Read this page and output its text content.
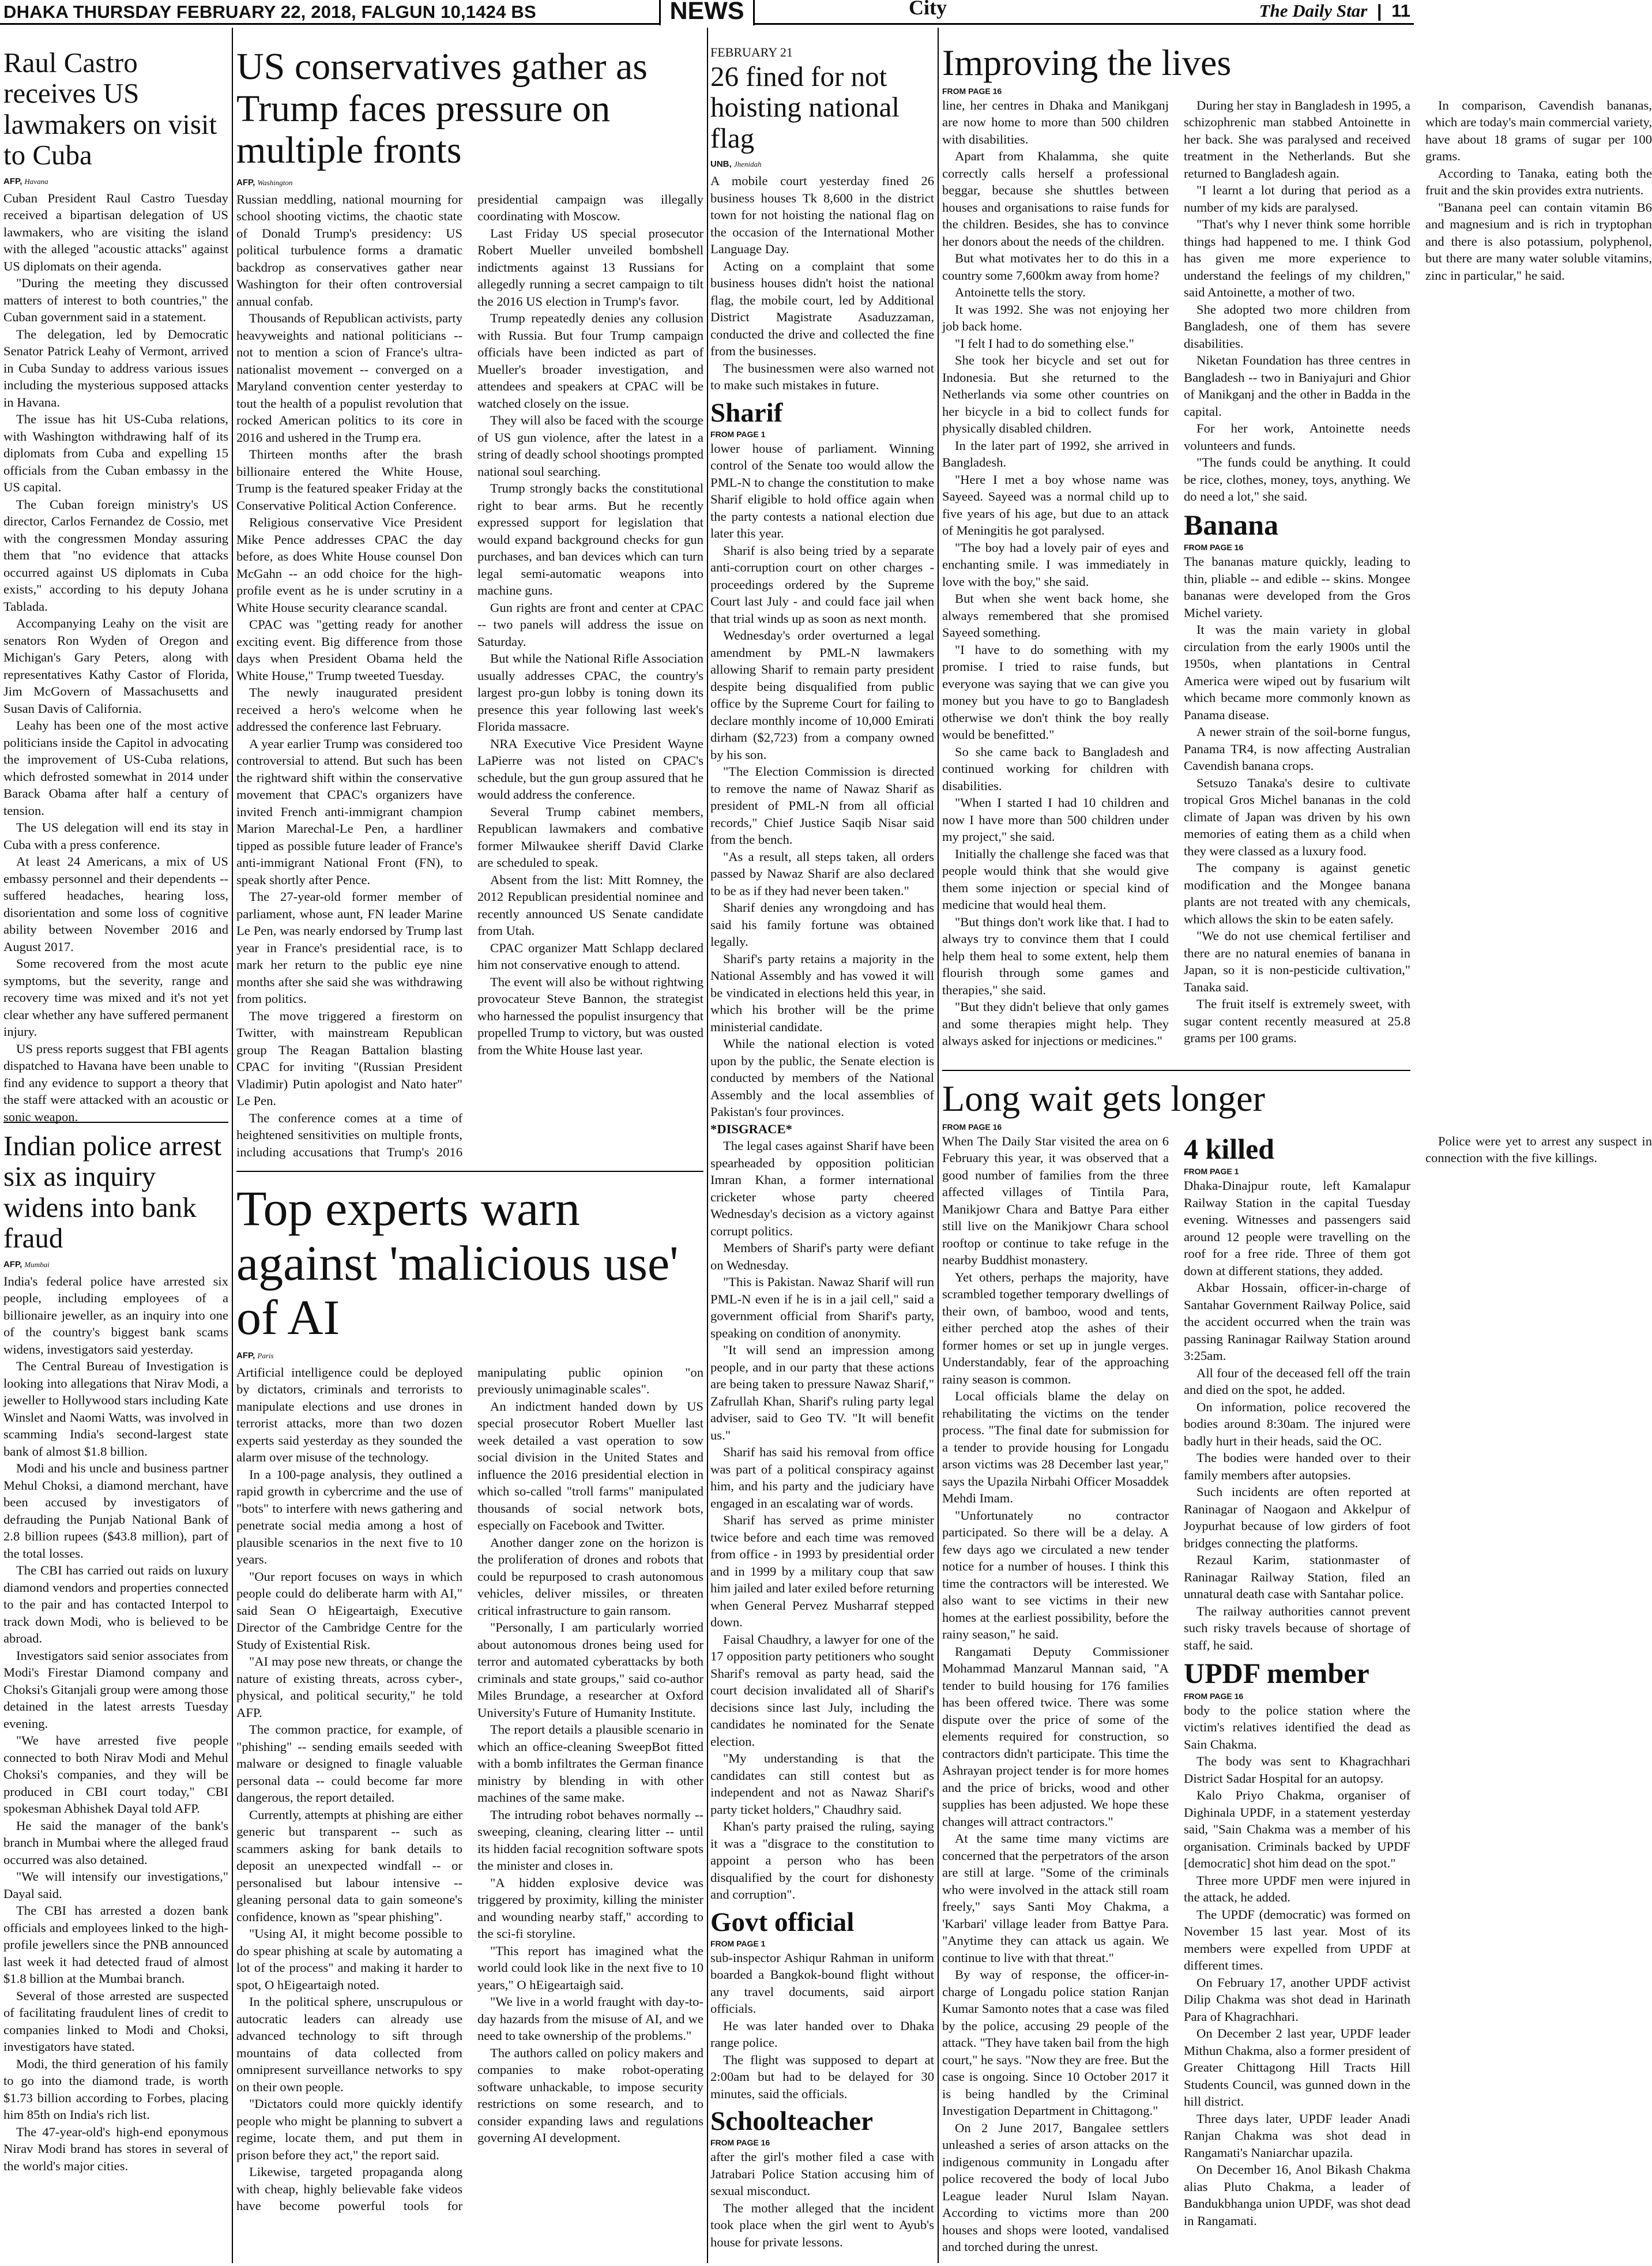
DHAKA THURSDAY FEBRUARY 22, 2018, FALGUN 10,1424 BS	NEWS	City	The Daily Star | 11
Raul Castro receives US lawmakers on visit to Cuba
AFP, Havana

Cuban President Raul Castro Tuesday received a bipartisan delegation of US lawmakers, who are visiting the island with the alleged "acoustic attacks" against US diplomats on their agenda.

"During the meeting they discussed matters of interest to both countries," the Cuban government said in a statement.

The delegation, led by Democratic Senator Patrick Leahy of Vermont, arrived in Cuba Sunday to address various issues including the mysterious supposed attacks in Havana.

The issue has hit US-Cuba relations, with Washington withdrawing half of its diplomats from Cuba and expelling 15 officials from the Cuban embassy in the US capital.

The Cuban foreign ministry's US director, Carlos Fernandez de Cossio, met with the congressmen Monday assuring them that "no evidence that attacks occurred against US diplomats in Cuba exists," according to his deputy Johana Tablada.

Accompanying Leahy on the visit are senators Ron Wyden of Oregon and Michigan's Gary Peters, along with representatives Kathy Castor of Florida, Jim McGovern of Massachusetts and Susan Davis of California.

Leahy has been one of the most active politicians inside the Capitol in advocating the improvement of US-Cuba relations, which defrosted somewhat in 2014 under Barack Obama after half a century of tension.

The US delegation will end its stay in Cuba with a press conference.

At least 24 Americans, a mix of US embassy personnel and their dependents -- suffered headaches, hearing loss, disorientation and some loss of cognitive ability between November 2016 and August 2017.

Some recovered from the most acute symptoms, but the severity, range and recovery time was mixed and it's not yet clear whether any have suffered permanent injury.

US press reports suggest that FBI agents dispatched to Havana have been unable to find any evidence to support a theory that the staff were attacked with an acoustic or sonic weapon.

Indian police arrest six as inquiry widens into bank fraud
AFP, Mumbai

India's federal police have arrested six people, including employees of a billionaire jeweller, as an inquiry into one of the country's biggest bank scams widens, investigators said yesterday.

The Central Bureau of Investigation is looking into allegations that Nirav Modi, a jeweller to Hollywood stars including Kate Winslet and Naomi Watts, was involved in scamming India's second-largest state bank of almost $1.8 billion.

Modi and his uncle and business partner Mehul Choksi, a diamond merchant, have been accused by investigators of defrauding the Punjab National Bank of 2.8 billion rupees ($43.8 million), part of the total losses.

The CBI has carried out raids on luxury diamond vendors and properties connected to the pair and has contacted Interpol to track down Modi, who is believed to be abroad.

Investigators said senior associates from Modi's Firestar Diamond company and Choksi's Gitanjali group were among those detained in the latest arrests Tuesday evening.

"We have arrested five people connected to both Nirav Modi and Mehul Choksi's companies, and they will be produced in CBI court today," CBI spokesman Abhishek Dayal told AFP.

He said the manager of the bank's branch in Mumbai where the alleged fraud occurred was also detained.

"We will intensify our investigations," Dayal said.

The CBI has arrested a dozen bank officials and employees linked to the high-profile jewellers since the PNB announced last week it had detected fraud of almost $1.8 billion at the Mumbai branch.

Several of those arrested are suspected of facilitating fraudulent lines of credit to companies linked to Modi and Choksi, investigators have stated.

Modi, the third generation of his family to go into the diamond trade, is worth $1.73 billion according to Forbes, placing him 85th on India's rich list.

The 47-year-old's high-end eponymous Nirav Modi brand has stores in several of the world's major cities.

US conservatives gather as Trump faces pressure on multiple fronts
AFP, Washington

Russian meddling, national mourning for school shooting victims, the chaotic state of Donald Trump's presidency: US political turbulence forms a dramatic backdrop as conservatives gather near Washington for their often controversial annual confab.

Thousands of Republican activists, party heavyweights and national politicians -- not to mention a scion of France's ultra-nationalist movement -- converged on a Maryland convention center yesterday to tout the health of a populist revolution that rocked American politics to its core in 2016 and ushered in the Trump era.

Thirteen months after the brash billionaire entered the White House, Trump is the featured speaker Friday at the Conservative Political Action Conference.

Religious conservative Vice President Mike Pence addresses CPAC the day before, as does White House counsel Don McGahn -- an odd choice for the high-profile event as he is under scrutiny in a White House security clearance scandal.

CPAC was "getting ready for another exciting event. Big difference from those days when President Obama held the White House," Trump tweeted Tuesday.

The newly inaugurated president received a hero's welcome when he addressed the conference last February.

A year earlier Trump was considered too controversial to attend. But such has been the rightward shift within the conservative movement that CPAC's organizers have invited French anti-immigrant champion Marion Marechal-Le Pen, a hardliner tipped as possible future leader of France's anti-immigrant National Front (FN), to speak shortly after Pence.

The 27-year-old former member of parliament, whose aunt, FN leader Marine Le Pen, was nearly endorsed by Trump last year in France's presidential race, is to mark her return to the public eye nine months after she said she was withdrawing from politics.

The move triggered a firestorm on Twitter, with mainstream Republican group The Reagan Battalion blasting CPAC for inviting "(Russian President Vladimir) Putin apologist and Nato hater" Le Pen.

The conference comes at a time of heightened sensitivities on multiple fronts, including accusations that Trump's 2016 presidential campaign was illegally coordinating with Moscow.

Last Friday US special prosecutor Robert Mueller unveiled bombshell indictments against 13 Russians for allegedly running a secret campaign to tilt the 2016 US election in Trump's favor.

Trump repeatedly denies any collusion with Russia. But four Trump campaign officials have been indicted as part of Mueller's broader investigation, and attendees and speakers at CPAC will be watched closely on the issue.

They will also be faced with the scourge of US gun violence, after the latest in a string of deadly school shootings prompted national soul searching.

Trump strongly backs the constitutional right to bear arms. But he recently expressed support for legislation that would expand background checks for gun purchases, and ban devices which can turn legal semi-automatic weapons into machine guns.

Gun rights are front and center at CPAC -- two panels will address the issue on Saturday.

But while the National Rifle Association usually addresses CPAC, the country's largest pro-gun lobby is toning down its presence this year following last week's Florida massacre.

NRA Executive Vice President Wayne LaPierre was not listed on CPAC's schedule, but the gun group assured that he would address the conference.

Several Trump cabinet members, Republican lawmakers and combative former Milwaukee sheriff David Clarke are scheduled to speak.

Absent from the list: Mitt Romney, the 2012 Republican presidential nominee and recently announced US Senate candidate from Utah.

CPAC organizer Matt Schlapp declared him not conservative enough to attend.

The event will also be without rightwing provocateur Steve Bannon, the strategist who harnessed the populist insurgency that propelled Trump to victory, but was ousted from the White House last year.

Top experts warn against 'malicious use' of AI
AFP, Paris

Artificial intelligence could be deployed by dictators, criminals and terrorists to manipulate elections and use drones in terrorist attacks, more than two dozen experts said yesterday as they sounded the alarm over misuse of the technology.

In a 100-page analysis, they outlined a rapid growth in cybercrime and the use of "bots" to interfere with news gathering and penetrate social media among a host of plausible scenarios in the next five to 10 years.

"Our report focuses on ways in which people could do deliberate harm with AI," said Sean O hEigeartaigh, Executive Director of the Cambridge Centre for the Study of Existential Risk.

"AI may pose new threats, or change the nature of existing threats, across cyber-, physical, and political security," he told AFP.

The common practice, for example, of "phishing" -- sending emails seeded with malware or designed to finagle valuable personal data -- could become far more dangerous, the report detailed.

Currently, attempts at phishing are either generic but transparent -- such as scammers asking for bank details to deposit an unexpected windfall -- or personalised but labour intensive -- gleaning personal data to gain someone's confidence, known as "spear phishing".

"Using AI, it might become possible to do spear phishing at scale by automating a lot of the process" and making it harder to spot, O hEigeartaigh noted.

In the political sphere, unscrupulous or autocratic leaders can already use advanced technology to sift through mountains of data collected from omnipresent surveillance networks to spy on their own people.

"Dictators could more quickly identify people who might be planning to subvert a regime, locate them, and put them in prison before they act," the report said.

Likewise, targeted propaganda along with cheap, highly believable fake videos have become powerful tools for manipulating public opinion "on previously unimaginable scales".

An indictment handed down by US special prosecutor Robert Mueller last week detailed a vast operation to sow social division in the United States and influence the 2016 presidential election in which so-called "troll farms" manipulated thousands of social network bots, especially on Facebook and Twitter.

Another danger zone on the horizon is the proliferation of drones and robots that could be repurposed to crash autonomous vehicles, deliver missiles, or threaten critical infrastructure to gain ransom.

"Personally, I am particularly worried about autonomous drones being used for terror and automated cyberattacks by both criminals and state groups," said co-author Miles Brundage, a researcher at Oxford University's Future of Humanity Institute.

The report details a plausible scenario in which an office-cleaning SweepBot fitted with a bomb infiltrates the German finance ministry by blending in with other machines of the same make.

The intruding robot behaves normally -- sweeping, cleaning, clearing litter -- until its hidden facial recognition software spots the minister and closes in.

"A hidden explosive device was triggered by proximity, killing the minister and wounding nearby staff," according to the sci-fi storyline.

"This report has imagined what the world could look like in the next five to 10 years," O hEigeartaigh said.

"We live in a world fraught with day-to-day hazards from the misuse of AI, and we need to take ownership of the problems."

The authors called on policy makers and companies to make robot-operating software unhackable, to impose security restrictions on some research, and to consider expanding laws and regulations governing AI development.

FEBRUARY 21
26 fined for not hoisting national flag
UNB, Jhenidah

A mobile court yesterday fined 26 business houses Tk 8,600 in the district town for not hoisting the national flag on the occasion of the International Mother Language Day.

Acting on a complaint that some business houses didn't hoist the national flag, the mobile court, led by Additional District Magistrate Asaduzzaman, conducted the drive and collected the fine from the businesses.

The businessmen were also warned not to make such mistakes in future.

Sharif
FROM PAGE 1

lower house of parliament. Winning control of the Senate too would allow the PML-N to change the constitution to make Sharif eligible to hold office again when the party contests a national election due later this year.

Sharif is also being tried by a separate anti-corruption court on other charges - proceedings ordered by the Supreme Court last July - and could face jail when that trial winds up as soon as next month.

Wednesday's order overturned a legal amendment by PML-N lawmakers allowing Sharif to remain party president despite being disqualified from public office by the Supreme Court for failing to declare monthly income of 10,000 Emirati dirham ($2,723) from a company owned by his son.

"The Election Commission is directed to remove the name of Nawaz Sharif as president of PML-N from all official records," Chief Justice Saqib Nisar said from the bench.

"As a result, all steps taken, all orders passed by Nawaz Sharif are also declared to be as if they had never been taken."

Sharif denies any wrongdoing and has said his family fortune was obtained legally.

Sharif's party retains a majority in the National Assembly and has vowed it will be vindicated in elections held this year, in which his brother will be the prime ministerial candidate.

While the national election is voted upon by the public, the Senate election is conducted by members of the National Assembly and the local assemblies of Pakistan's four provinces.

*DISGRACE*

The legal cases against Sharif have been spearheaded by opposition politician Imran Khan, a former international cricketer whose party cheered Wednesday's decision as a victory against corrupt politics.

Members of Sharif's party were defiant on Wednesday.

"This is Pakistan. Nawaz Sharif will run PML-N even if he is in a jail cell," said a government official from Sharif's party, speaking on condition of anonymity.

"It will send an impression among people, and in our party that these actions are being taken to pressure Nawaz Sharif," Zafrullah Khan, Sharif's ruling party legal adviser, said to Geo TV. "It will benefit us."

Sharif has said his removal from office was part of a political conspiracy against him, and his party and the judiciary have engaged in an escalating war of words.

Sharif has served as prime minister twice before and each time was removed from office - in 1993 by presidential order and in 1999 by a military coup that saw him jailed and later exiled before returning when General Pervez Musharraf stepped down.

Faisal Chaudhry, a lawyer for one of the 17 opposition party petitioners who sought Sharif's removal as party head, said the court decision invalidated all of Sharif's decisions since last July, including the candidates he nominated for the Senate election.

"My understanding is that the candidates can still contest but as independent and not as Nawaz Sharif's party ticket holders," Chaudhry said.

Khan's party praised the ruling, saying it was a "disgrace to the constitution to appoint a person who has been disqualified by the court for dishonesty and corruption".

Govt official
FROM PAGE 1

sub-inspector Ashiqur Rahman in uniform boarded a Bangkok-bound flight without any travel documents, said airport officials.

He was later handed over to Dhaka range police.

The flight was supposed to depart at 2:00am but had to be delayed for 30 minutes, said the officials.

Schoolteacher
FROM PAGE 16

after the girl's mother filed a case with Jatrabari Police Station accusing him of sexual misconduct.

The mother alleged that the incident took place when the girl went to Ayub's house for private lessons.

Improving the lives
FROM PAGE 16

line, her centres in Dhaka and Manikganj are now home to more than 500 children with disabilities.

Apart from Khalamma, she quite correctly calls herself a professional beggar, because she shuttles between houses and organisations to raise funds for the children. Besides, she has to convince her donors about the needs of the children.

But what motivates her to do this in a country some 7,600km away from home?

Antoinette tells the story.

It was 1992. She was not enjoying her job back home.

"I felt I had to do something else."

She took her bicycle and set out for Indonesia. But she returned to the Netherlands via some other countries on her bicycle in a bid to collect funds for physically disabled children.

In the later part of 1992, she arrived in Bangladesh.

"Here I met a boy whose name was Sayeed. Sayeed was a normal child up to five years of his age, but due to an attack of Meningitis he got paralysed.

"The boy had a lovely pair of eyes and enchanting smile. I was immediately in love with the boy," she said.

But when she went back home, she always remembered that she promised Sayeed something.

"I have to do something with my promise. I tried to raise funds, but everyone was saying that we can give you money but you have to go to Bangladesh otherwise we don't think the boy really would be benefitted."

So she came back to Bangladesh and continued working for children with disabilities.

"When I started I had 10 children and now I have more than 500 children under my project," she said.

Initially the challenge she faced was that people would think that she would give them some injection or special kind of medicine that would heal them.

"But things don't work like that. I had to always try to convince them that I could help them heal to some extent, help them flourish through some games and therapies," she said.

"But they didn't believe that only games and some therapies might help. They always asked for injections or medicines."

During her stay in Bangladesh in 1995, a schizophrenic man stabbed Antoinette in her back. She was paralysed and received treatment in the Netherlands. But she returned to Bangladesh again.

"I learnt a lot during that period as a number of my kids are paralysed.

"That's why I never think some horrible things had happened to me. I think God has given me more experience to understand the feelings of my children," said Antoinette, a mother of two.

She adopted two more children from Bangladesh, one of them has severe disabilities.

Niketan Foundation has three centres in Bangladesh -- two in Baniyajuri and Ghior of Manikganj and the other in Badda in the capital.

For her work, Antoinette needs volunteers and funds.

"The funds could be anything. It could be rice, clothes, money, toys, anything. We do need a lot," she said.

Banana
FROM PAGE 16

The bananas mature quickly, leading to thin, pliable -- and edible -- skins. Mongee bananas were developed from the Gros Michel variety.

It was the main variety in global circulation from the early 1900s until the 1950s, when plantations in Central America were wiped out by fusarium wilt which became more commonly known as Panama disease.

A newer strain of the soil-borne fungus, Panama TR4, is now affecting Australian Cavendish banana crops.

Setsuzo Tanaka's desire to cultivate tropical Gros Michel bananas in the cold climate of Japan was driven by his own memories of eating them as a child when they were classed as a luxury food.

The company is against genetic modification and the Mongee banana plants are not treated with any chemicals, which allows the skin to be eaten safely.

"We do not use chemical fertiliser and there are no natural enemies of banana in Japan, so it is non-pesticide cultivation," Tanaka said.

The fruit itself is extremely sweet, with sugar content recently measured at 25.8 grams per 100 grams.

In comparison, Cavendish bananas, which are today's main commercial variety, have about 18 grams of sugar per 100 grams.

According to Tanaka, eating both the fruit and the skin provides extra nutrients.

"Banana peel can contain vitamin B6 and magnesium and is rich in tryptophan and there is also potassium, polyphenol, but there are many water soluble vitamins, zinc in particular," he said.

Long wait gets longer
FROM PAGE 16

When The Daily Star visited the area on 6 February this year, it was observed that a good number of families from the three affected villages of Tintila Para, Manikjowr Chara and Battye Para either still live on the Manikjowr Chara school rooftop or continue to take refuge in the nearby Buddhist monastery.

Yet others, perhaps the majority, have scrambled together temporary dwellings of their own, of bamboo, wood and tents, either perched atop the ashes of their former homes or set up in jungle verges. Understandably, fear of the approaching rainy season is common.

Local officials blame the delay on rehabilitating the victims on the tender process. "The final date for submission for a tender to provide housing for Longadu arson victims was 28 December last year," says the Upazila Nirbahi Officer Mosaddek Mehdi Imam.

"Unfortunately no contractor participated. So there will be a delay. A few days ago we circulated a new tender notice for a number of houses. I think this time the contractors will be interested. We also want to see victims in their new homes at the earliest possibility, before the rainy season," he said.

Rangamati Deputy Commissioner Mohammad Manzarul Mannan said, "A tender to build housing for 176 families has been offered twice. There was some dispute over the price of some of the elements required for construction, so contractors didn't participate. This time the Ashrayan project tender is for more homes and the price of bricks, wood and other supplies has been adjusted. We hope these changes will attract contractors."

At the same time many victims are concerned that the perpetrators of the arson are still at large. "Some of the criminals who were involved in the attack still roam freely," says Santi Moy Chakma, a 'Karbari' village leader from Battye Para. "Anytime they can attack us again. We continue to live with that threat."

By way of response, the officer-in-charge of Longadu police station Ranjan Kumar Samonto notes that a case was filed by the police, accusing 29 people of the attack. "They have taken bail from the high court," he says. "Now they are free. But the case is ongoing. Since 10 October 2017 it is being handled by the Criminal Investigation Department in Chittagong."

On 2 June 2017, Bangalee settlers unleashed a series of arson attacks on the indigenous community in Longadu after police recovered the body of local Jubo League leader Nurul Islam Nayan. According to victims more than 200 houses and shops were looted, vandalised and torched during the unrest.

4 killed
FROM PAGE 1

Dhaka-Dinajpur route, left Kamalapur Railway Station in the capital Tuesday evening. Witnesses and passengers said around 12 people were travelling on the roof for a free ride. Three of them got down at different stations, they added.

Akbar Hossain, officer-in-charge of Santahar Government Railway Police, said the accident occurred when the train was passing Raninagar Railway Station around 3:25am.

All four of the deceased fell off the train and died on the spot, he added.

On information, police recovered the bodies around 8:30am. The injured were badly hurt in their heads, said the OC.

The bodies were handed over to their family members after autopsies.

Such incidents are often reported at Raninagar of Naogaon and Akkelpur of Joypurhat because of low girders of foot bridges connecting the platforms.

Rezaul Karim, stationmaster of Raninagar Railway Station, filed an unnatural death case with Santahar police.

The railway authorities cannot prevent such risky travels because of shortage of staff, he said.

UPDF member
FROM PAGE 16

body to the police station where the victim's relatives identified the dead as Sain Chakma.

The body was sent to Khagrachhari District Sadar Hospital for an autopsy.

Kalo Priyo Chakma, organiser of Dighinala UPDF, in a statement yesterday said, "Sain Chakma was a member of his organisation. Criminals backed by UPDF [democratic] shot him dead on the spot."

Three more UPDF men were injured in the attack, he added.

The UPDF (democratic) was formed on November 15 last year. Most of its members were expelled from UPDF at different times.

On February 17, another UPDF activist Dilip Chakma was shot dead in Harinath Para of Khagrachhari.

On December 2 last year, UPDF leader Mithun Chakma, also a former president of Greater Chittagong Hill Tracts Hill Students Council, was gunned down in the hill district.

Three days later, UPDF leader Anadi Ranjan Chakma was shot dead in Rangamati's Naniarchar upazila.

On December 16, Anol Bikash Chakma alias Pluto Chakma, a leader of Bandukbhanga union UPDF, was shot dead in Rangamati.

Police were yet to arrest any suspect in connection with the five killings.
